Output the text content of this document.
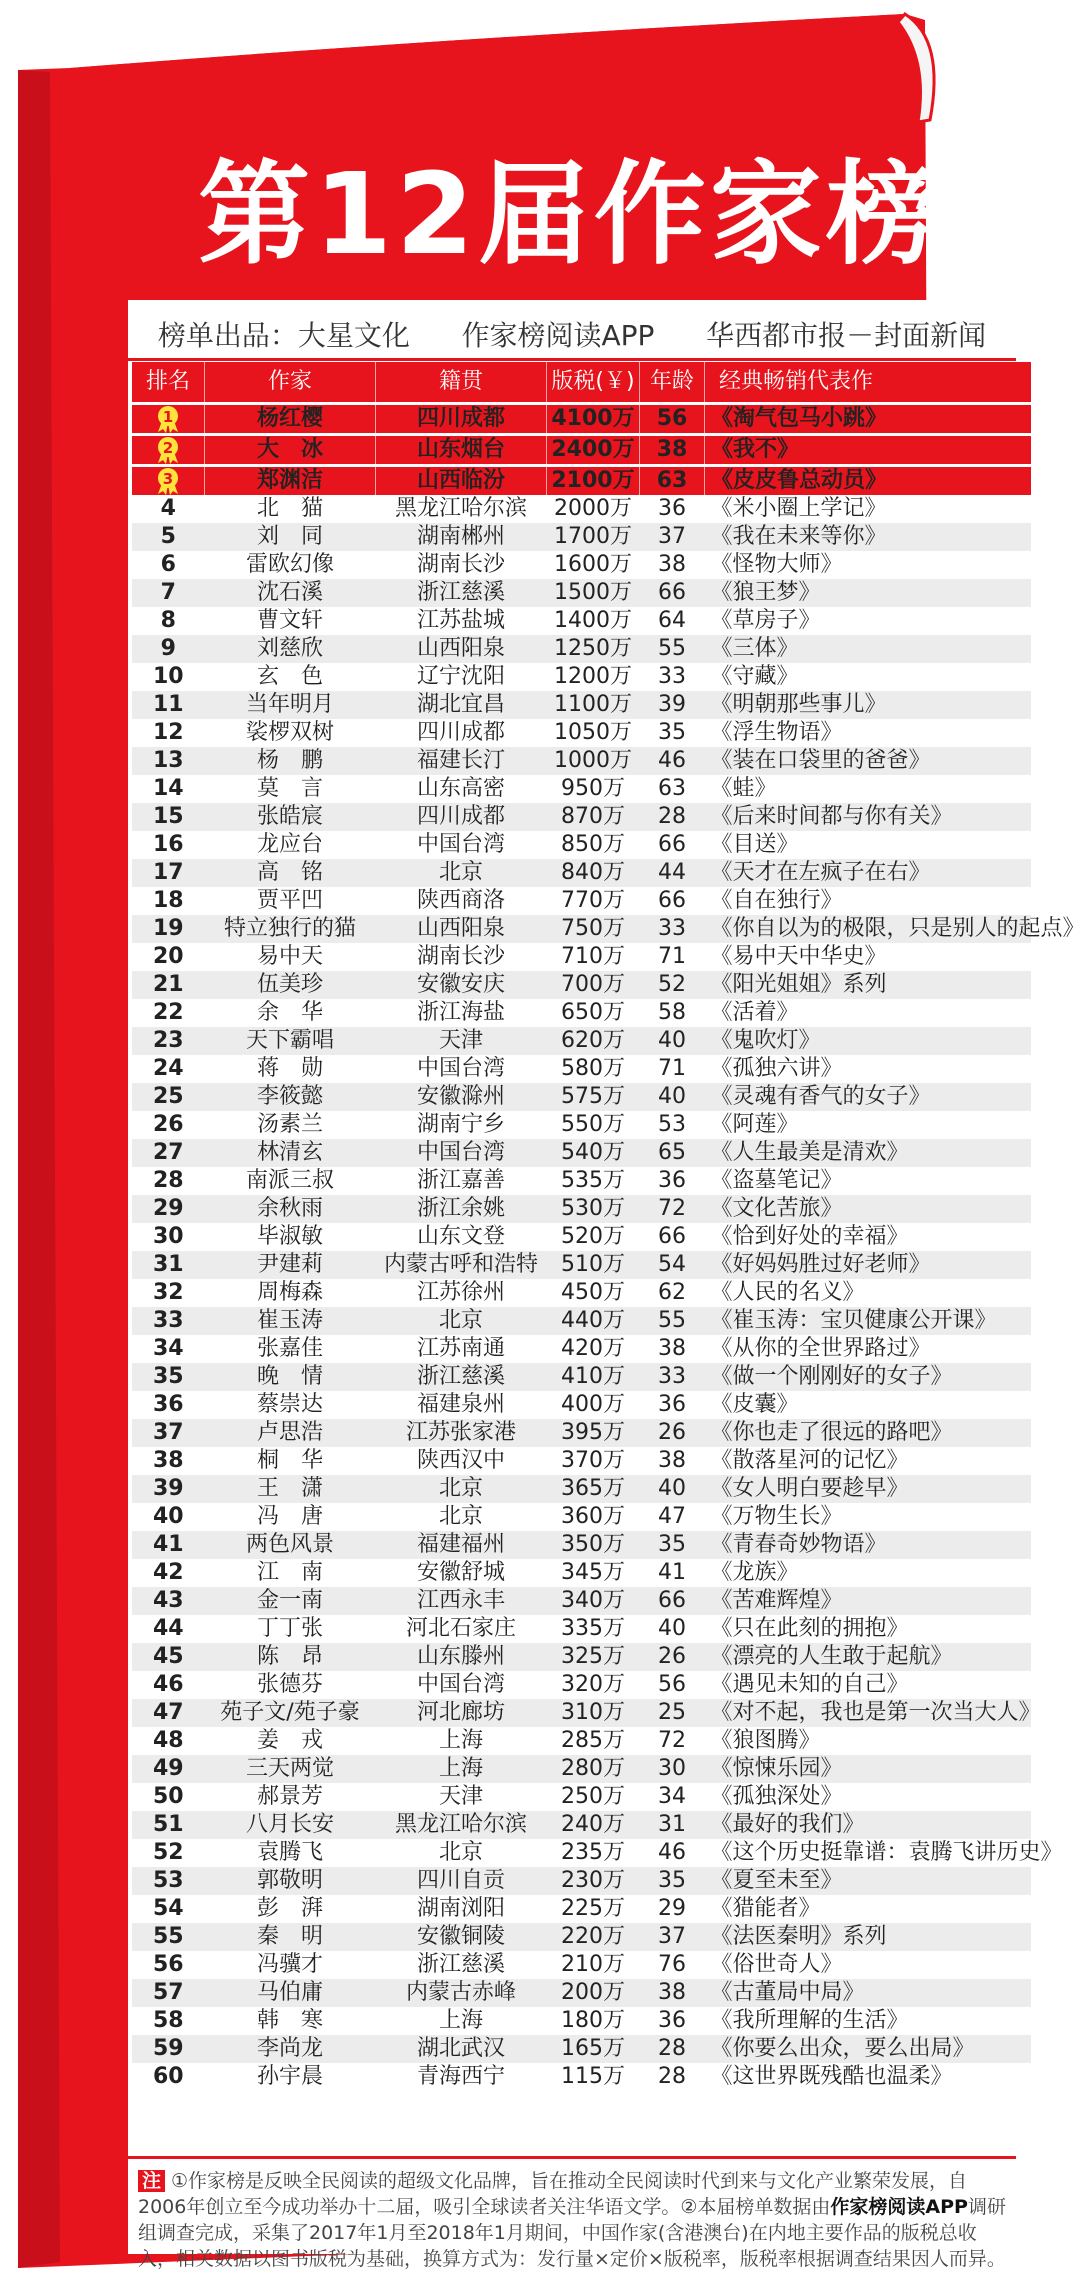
第12届作家榜	®
榜单出品：大星文化 作家榜阅读APP 华西都市报－封面新闻
排名	作家	籍贯	版税(￥)	年龄	经典畅销代表作

1	杨红樱	四川成都	4100万	56	《淘气包马小跳》

2	大　冰	山东烟台	2400万	38	《我不》

3	郑渊洁	山西临汾	2100万	63	《皮皮鲁总动员》
4	北　猫	黑龙江哈尔滨	2000万	36	《米小圈上学记》
5	刘　同	湖南郴州	1700万	37	《我在未来等你》
6	雷欧幻像	湖南长沙	1600万	38	《怪物大师》
7	沈石溪	浙江慈溪	1500万	66	《狼王梦》
8	曹文轩	江苏盐城	1400万	64	《草房子》
9	刘慈欣	山西阳泉	1250万	55	《三体》
10	玄　色	辽宁沈阳	1200万	33	《守藏》
11	当年明月	湖北宜昌	1100万	39	《明朝那些事儿》
12	裟椤双树	四川成都	1050万	35	《浮生物语》
13	杨　鹏	福建长汀	1000万	46	《装在口袋里的爸爸》
14	莫　言	山东高密	950万	63	《蛙》
15	张皓宸	四川成都	870万	28	《后来时间都与你有关》
16	龙应台	中国台湾	850万	66	《目送》
17	高　铭	北京	840万	44	《天才在左疯子在右》
18	贾平凹	陕西商洛	770万	66	《自在独行》
19	特立独行的猫	山西阳泉	750万	33	《你自以为的极限，只是别人的起点》
20	易中天	湖南长沙	710万	71	《易中天中华史》
21	伍美珍	安徽安庆	700万	52	《阳光姐姐》系列
22	余　华	浙江海盐	650万	58	《活着》
23	天下霸唱	天津	620万	40	《鬼吹灯》
24	蒋　勋	中国台湾	580万	71	《孤独六讲》
25	李筱懿	安徽滁州	575万	40	《灵魂有香气的女子》
26	汤素兰	湖南宁乡	550万	53	《阿莲》
27	林清玄	中国台湾	540万	65	《人生最美是清欢》
28	南派三叔	浙江嘉善	535万	36	《盗墓笔记》
29	余秋雨	浙江余姚	530万	72	《文化苦旅》
30	毕淑敏	山东文登	520万	66	《恰到好处的幸福》
31	尹建莉	内蒙古呼和浩特	510万	54	《好妈妈胜过好老师》
32	周梅森	江苏徐州	450万	62	《人民的名义》
33	崔玉涛	北京	440万	55	《崔玉涛：宝贝健康公开课》
34	张嘉佳	江苏南通	420万	38	《从你的全世界路过》
35	晚　情	浙江慈溪	410万	33	《做一个刚刚好的女子》
36	蔡崇达	福建泉州	400万	36	《皮囊》
37	卢思浩	江苏张家港	395万	26	《你也走了很远的路吧》
38	桐　华	陕西汉中	370万	38	《散落星河的记忆》
39	王　潇	北京	365万	40	《女人明白要趁早》
40	冯　唐	北京	360万	47	《万物生长》
41	两色风景	福建福州	350万	35	《青春奇妙物语》
42	江　南	安徽舒城	345万	41	《龙族》
43	金一南	江西永丰	340万	66	《苦难辉煌》
44	丁丁张	河北石家庄	335万	40	《只在此刻的拥抱》
45	陈　昂	山东滕州	325万	26	《漂亮的人生敢于起航》
46	张德芬	中国台湾	320万	56	《遇见未知的自己》
47	苑子文/苑子豪	河北廊坊	310万	25	《对不起，我也是第一次当大人》
48	姜　戎	上海	285万	72	《狼图腾》
49	三天两觉	上海	280万	30	《惊悚乐园》
50	郝景芳	天津	250万	34	《孤独深处》
51	八月长安	黑龙江哈尔滨	240万	31	《最好的我们》
52	袁腾飞	北京	235万	46	《这个历史挺靠谱：袁腾飞讲历史》
53	郭敬明	四川自贡	230万	35	《夏至未至》
54	彭　湃	湖南浏阳	225万	29	《猎能者》
55	秦　明	安徽铜陵	220万	37	《法医秦明》系列
56	冯骥才	浙江慈溪	210万	76	《俗世奇人》
57	马伯庸	内蒙古赤峰	200万	38	《古董局中局》
58	韩　寒	上海	180万	36	《我所理解的生活》
59	李尚龙	湖北武汉	165万	28	《你要么出众，要么出局》
60	孙宇晨	青海西宁	115万	28	《这世界既残酷也温柔》
注 ①作家榜是反映全民阅读的超级文化品牌，旨在推动全民阅读时代到来与文化产业繁荣发展，自2006年创立至今成功举办十二届，吸引全球读者关注华语文学。②本届榜单数据由作家榜阅读APP调研组调查完成，采集了2017年1月至2018年1月期间，中国作家(含港澳台)在内地主要作品的版税总收入，相关数据以图书版税为基础，换算方式为：发行量×定价×版税率，版税率根据调查结果因人而异。
